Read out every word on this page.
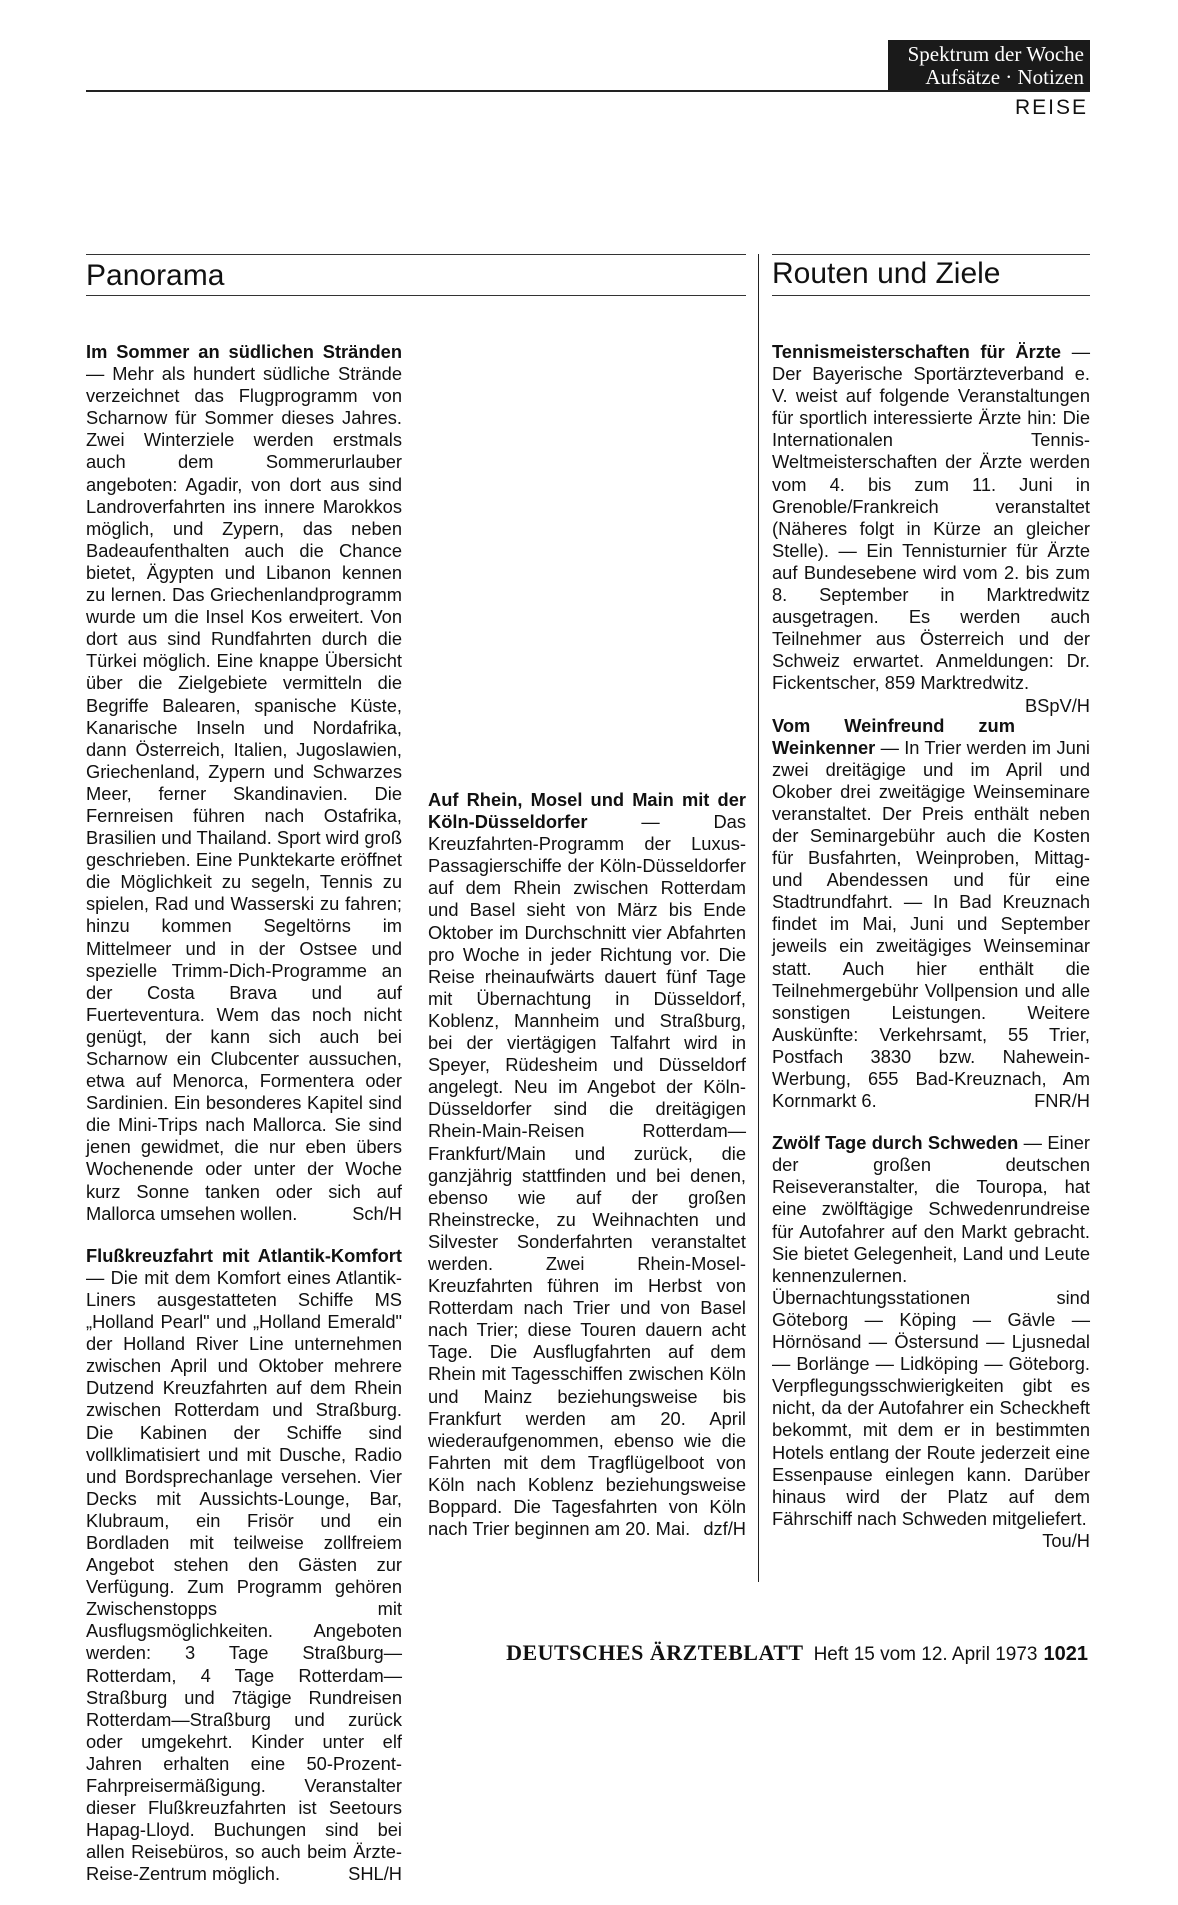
Spektrum der Woche
Aufsätze · Notizen
REISE
Panorama	Routen und Ziele

Im Sommer an südlichen Stränden — Mehr als hundert südliche Strände verzeichnet das Flugprogramm von Scharnow für Sommer dieses Jahres. Zwei Winterziele werden erstmals auch dem Sommerurlauber angeboten: Agadir, von dort aus sind Landroverfahrten ins innere Marokkos möglich, und Zypern, das neben Badeaufenthalten auch die Chance bietet, Ägypten und Libanon kennen zu lernen. Das Griechenlandprogramm wurde um die Insel Kos erweitert. Von dort aus sind Rundfahrten durch die Türkei möglich. Eine knappe Übersicht über die Zielgebiete vermitteln die Begriffe Balearen, spanische Küste, Kanarische Inseln und Nordafrika, dann Österreich, Italien, Jugoslawien, Griechenland, Zypern und Schwarzes Meer, ferner Skandinavien. Die Fernreisen führen nach Ostafrika, Brasilien und Thailand. Sport wird groß geschrieben. Eine Punktekarte eröffnet die Möglichkeit zu segeln, Tennis zu spielen, Rad und Wasserski zu fahren; hinzu kommen Segeltörns im Mittelmeer und in der Ostsee und spezielle Trimm-Dich-Programme an der Costa Brava und auf Fuerteventura. Wem das noch nicht genügt, der kann sich auch bei Scharnow ein Clubcenter aussuchen, etwa auf Menorca, Formentera oder Sardinien. Ein besonderes Kapitel sind die Mini-Trips nach Mallorca. Sie sind jenen gewidmet, die nur eben übers Wochenende oder unter der Woche kurz Sonne tanken oder sich auf Mallorca umsehen wollen.	Sch/H

Flußkreuzfahrt mit Atlantik-Komfort — Die mit dem Komfort eines Atlantik-Liners ausgestatteten Schiffe MS „Holland Pearl" und „Holland Emerald" der Holland River Line unternehmen zwischen April und Oktober mehrere Dutzend Kreuzfahrten auf dem Rhein zwischen Rotterdam und Straßburg. Die Kabinen der Schiffe sind vollklimatisiert und mit Dusche, Radio und Bordsprechanlage versehen. Vier Decks mit Aussichts-Lounge, Bar, Klubraum, ein Frisör und ein Bordladen mit teilweise zollfreiem Angebot stehen den Gästen zur Verfügung. Zum Programm gehören Zwischenstopps mit Ausflugsmöglichkeiten. Angeboten werden: 3 Tage Straßburg—Rotterdam, 4 Tage Rotterdam—Straßburg und 7tägige Rundreisen Rotterdam—Straßburg und zurück oder umgekehrt. Kinder unter elf Jahren erhalten eine 50-Prozent-Fahrpreisermäßigung. Veranstalter dieser Flußkreuzfahrten ist Seetours Hapag-Lloyd. Buchungen sind bei allen Reisebüros, so auch beim Ärzte-Reise-Zentrum möglich.	SHL/H

Auf Rhein, Mosel und Main mit der Köln-Düsseldorfer — Das Kreuzfahrten-Programm der Luxus-Passagierschiffe der Köln-Düsseldorfer auf dem Rhein zwischen Rotterdam und Basel sieht von März bis Ende Oktober im Durchschnitt vier Abfahrten pro Woche in jeder Richtung vor. Die Reise rheinaufwärts dauert fünf Tage mit Übernachtung in Düsseldorf, Koblenz, Mannheim und Straßburg, bei der viertägigen Talfahrt wird in Speyer, Rüdesheim und Düsseldorf angelegt. Neu im Angebot der Köln-Düsseldorfer sind die dreitägigen Rhein-Main-Reisen Rotterdam—Frankfurt/Main und zurück, die ganzjährig stattfinden und bei denen, ebenso wie auf der großen Rheinstrecke, zu Weihnachten und Silvester Sonderfahrten veranstaltet werden. Zwei Rhein-Mosel-Kreuzfahrten führen im Herbst von Rotterdam nach Trier und von Basel nach Trier; diese Touren dauern acht Tage. Die Ausflugfahrten auf dem Rhein mit Tagesschiffen zwischen Köln und Mainz beziehungsweise bis Frankfurt werden am 20. April wiederaufgenommen, ebenso wie die Fahrten mit dem Tragflügelboot von Köln nach Koblenz beziehungsweise Boppard. Die Tagesfahrten von Köln nach Trier beginnen am 20. Mai. dzf/H

Tennismeisterschaften für Ärzte — Der Bayerische Sportärzteverband e. V. weist auf folgende Veranstaltungen für sportlich interessierte Ärzte hin: Die Internationalen Tennis-Weltmeisterschaften der Ärzte werden vom 4. bis zum 11. Juni in Grenoble/Frankreich veranstaltet (Näheres folgt in Kürze an gleicher Stelle). — Ein Tennisturnier für Ärzte auf Bundesebene wird vom 2. bis zum 8. September in Marktredwitz ausgetragen. Es werden auch Teilnehmer aus Österreich und der Schweiz erwartet. Anmeldungen: Dr. Fickentscher, 859 Marktredwitz.
BSpV/H

Vom Weinfreund zum Weinkenner — In Trier werden im Juni zwei dreitägige und im April und Okober drei zweitägige Weinseminare veranstaltet. Der Preis enthält neben der Seminargebühr auch die Kosten für Busfahrten, Weinproben, Mittag- und Abendessen und für eine Stadtrundfahrt. — In Bad Kreuznach findet im Mai, Juni und September jeweils ein zweitägiges Weinseminar statt. Auch hier enthält die Teilnehmergebühr Vollpension und alle sonstigen Leistungen. Weitere Auskünfte: Verkehrsamt, 55 Trier, Postfach 3830 bzw. Nahewein-Werbung, 655 Bad-Kreuznach, Am Kornmarkt 6.	FNR/H

Zwölf Tage durch Schweden — Einer der großen deutschen Reiseveranstalter, die Touropa, hat eine zwölftägige Schwedenrundreise für Autofahrer auf den Markt gebracht. Sie bietet Gelegenheit, Land und Leute kennenzulernen. Übernachtungsstationen sind Göteborg — Köping — Gävle — Hörnösand — Östersund — Ljusnedal — Borlänge — Lidköping — Göteborg. Verpflegungsschwierigkeiten gibt es nicht, da der Autofahrer ein Scheckheft bekommt, mit dem er in bestimmten Hotels entlang der Route jederzeit eine Essenpause einlegen kann. Darüber hinaus wird der Platz auf dem Fährschiff nach Schweden mitgeliefert.
Tou/H

DEUTSCHES ÄRZTEBLATT Heft 15 vom 12. April 1973 1021
